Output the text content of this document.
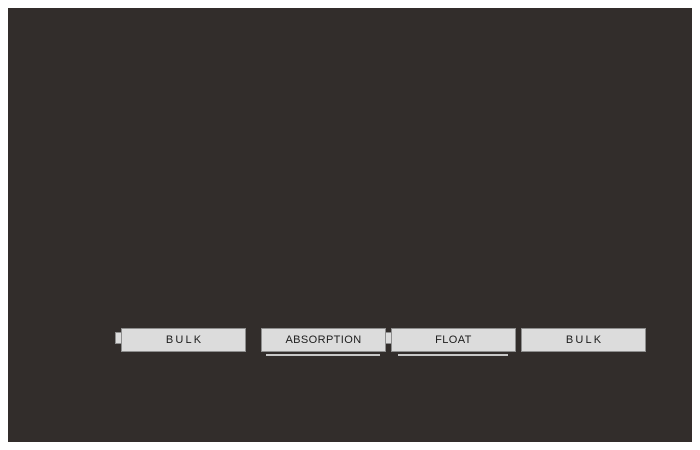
BULK	ABSORPTION	FLOAT	BULK
